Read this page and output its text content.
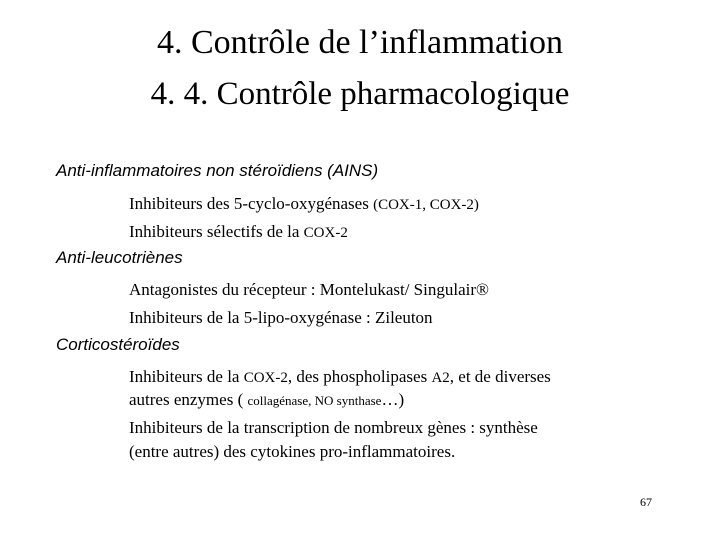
4. Contrôle de l’inflammation
4. 4. Contrôle pharmacologique
Anti-inflammatoires non stéroïdiens (AINS)
Inhibiteurs des 5-cyclo-oxygénases (COX-1, COX-2)
Inhibiteurs sélectifs de la COX-2
Anti-leucotriènes
Antagonistes du récepteur : Montelukast/ Singulair®
Inhibiteurs de la 5-lipo-oxygénase : Zileuton
Corticostéroïdes
Inhibiteurs de la COX-2, des phospholipases A2, et de diverses
autres enzymes ( collagénase, NO synthase…)
Inhibiteurs de la transcription de nombreux gènes : synthèse
(entre autres) des cytokines pro-inflammatoires.
67
